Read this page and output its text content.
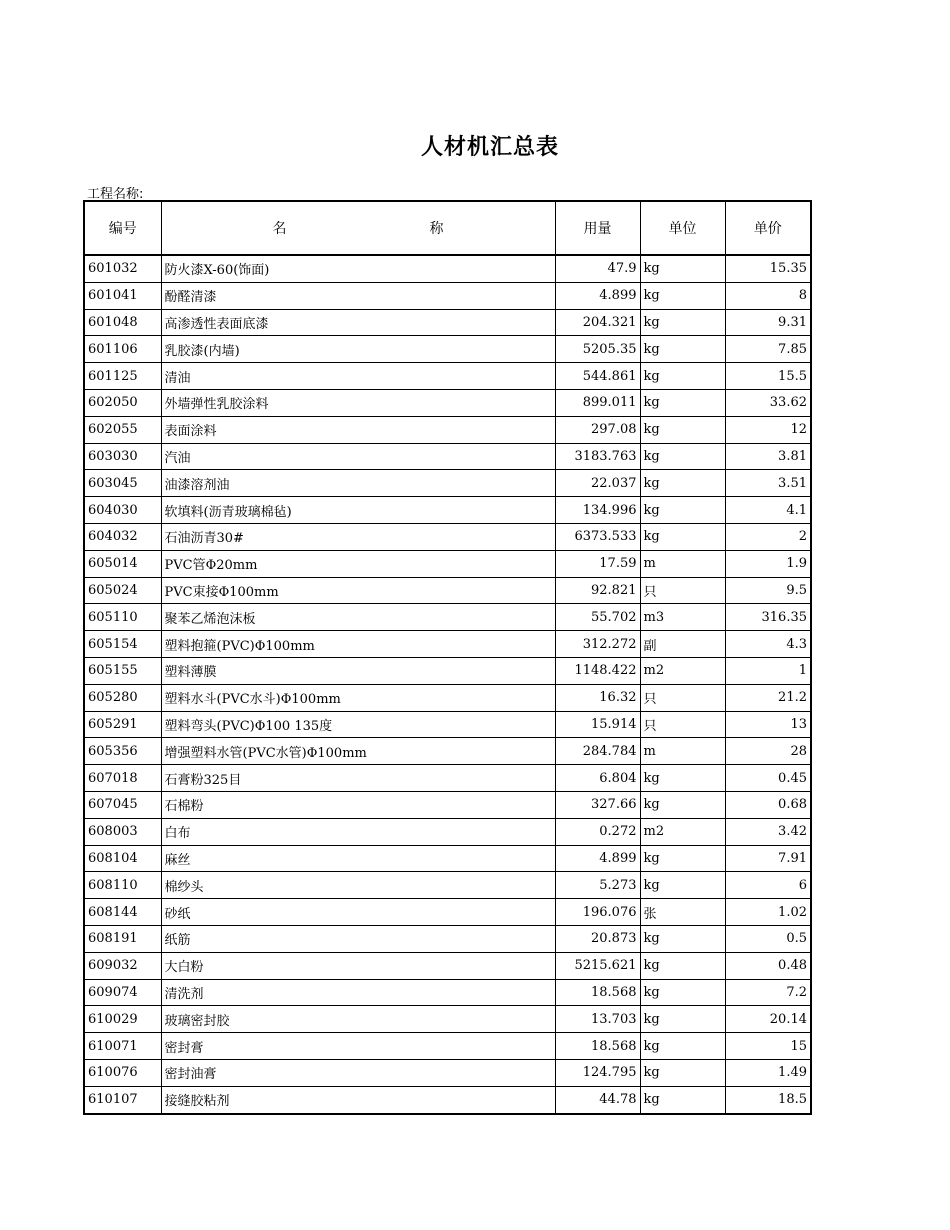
人材机汇总表
工程名称:
编号	名 称	用量	单位	单价
601032	防火漆X-60(饰面)	47.9	kg	15.35
601041	酚醛清漆	4.899	kg	8
601048	高渗透性表面底漆	204.321	kg	9.31
601106	乳胶漆(内墙)	5205.35	kg	7.85
601125	清油	544.861	kg	15.5
602050	外墙弹性乳胶涂料	899.011	kg	33.62
602055	表面涂料	297.08	kg	12
603030	汽油	3183.763	kg	3.81
603045	油漆溶剂油	22.037	kg	3.51
604030	软填料(沥青玻璃棉毡)	134.996	kg	4.1
604032	石油沥青30#	6373.533	kg	2
605014	PVC管Φ20mm	17.59	m	1.9
605024	PVC束接Φ100mm	92.821	只	9.5
605110	聚苯乙烯泡沫板	55.702	m3	316.35
605154	塑料抱箍(PVC)Φ100mm	312.272	副	4.3
605155	塑料薄膜	1148.422	m2	1
605280	塑料水斗(PVC水斗)Φ100mm	16.32	只	21.2
605291	塑料弯头(PVC)Φ100 135度	15.914	只	13
605356	增强塑料水管(PVC水管)Φ100mm	284.784	m	28
607018	石膏粉325目	6.804	kg	0.45
607045	石棉粉	327.66	kg	0.68
608003	白布	0.272	m2	3.42
608104	麻丝	4.899	kg	7.91
608110	棉纱头	5.273	kg	6
608144	砂纸	196.076	张	1.02
608191	纸筋	20.873	kg	0.5
609032	大白粉	5215.621	kg	0.48
609074	清洗剂	18.568	kg	7.2
610029	玻璃密封胶	13.703	kg	20.14
610071	密封膏	18.568	kg	15
610076	密封油膏	124.795	kg	1.49
610107	接缝胶粘剂	44.78	kg	18.5
